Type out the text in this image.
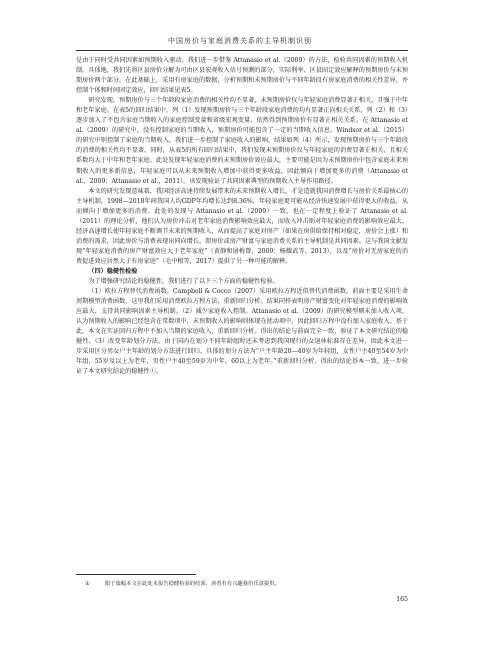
中国房价与家庭消费关系的主导机制识别

是由于同时受共同因素如预期收入驱动。我们进一步借鉴 Attanasio et al.（2009）的方法，检验共同因素的预期收入机制。具体地，我们先将区县房价分解为可由区县宏观收入信号预测的部分，实际利率、区县固定效应解释的预期房价与未预期房价两个部分。在此基础上，采用有房家庭的数据，分析预期和未预期房价与不同年龄段有房家庭消费的相关性差异，并控制个体和时间固定效应，回归结果见表5。

研究发现，预期房价与三个年龄段家庭消费的相关性均不显著，未预期房价仅与年轻家庭消费显著正相关，且强于中年和老年家庭。在表5的回归结果中，列（1）发现预期房价与三个年龄段家庭消费的均有显著正向相关关系，列（2）和（3）逐步加入了不包含家庭当期收入的家庭控制变量和省级宏观变量，依然得到预期房价有显著正相关关系。在 Attanasio et al.（2009）的研究中，没有控制家庭的当期收入，预期房价可能包含了一定的当期收入信息。Windsor et al.（2015）的研究中则控制了家庭的当期收入，我们进一步控制了家庭收入的影响，结果如列（4）所示，发现预期房价与三个年龄段的消费的相关性均不显著。同时，从表5的所有回归结果中，我们发现未预期房价仅与年轻家庭的消费显著正相关，且相关系数均大于中年和老年家庭。此处发现年轻家庭消费的未预期房价效应最大，主要可能是因为未预期房价中包含家庭未来预期收入的更多新信息，年轻家庭可以从未来预期收入增加中获得更多收益，因此倾向于增加更多的消费（Attanasio et al.，2009；Attanasio et al.，2011）。该发现验证了共同因素典型的预期收入主导作用路径。

本文的研究发现意味着，我国经济高速持续发展带来的未来预期收入增长，才是造就我国消费增长与房价关系最核心的主导机制。1998—2018年间我国人均GDP年均增长达到8.36%，年轻家庭更可能从经济快速发展中获得更大的收益，从而倾向于增加更多的消费。此处的发现与 Attanasio et al.（2009）一致，也在一定程度上验证了 Attanasio et al.（2011）的理论分析，他们认为房价冲击对老年家庭消费影响效应最大，而收入冲击则对年轻家庭消费的影响效应最大。经济高速增长使年轻家庭不断调节未来的预期收入，从而提高了家庭对房产（如果在房供给保持相对稳定，房价会上涨）和消费的需求，因此房价与消费表现出同向增长，即房价或房产财富与家庭消费关系的主导机制是共同因素。这与我国文献发现“年轻家庭消费的房产财富效应大于老年家庭”（黄静和屠梅曾，2009；杨耀武等，2013），以及“房价对无房家庭的消费促进效应居然大于有房家庭”（毛中根等，2017）提供了另一种可能的解释。

（四）稳健性检验

为了增强研究结论的稳健性，我们进行了以下三个方面的稳健性检验。

（1）欧拉方程替代消费函数。Campbell & Cocco（2007）采用欧拉方程近似替代消费函数。前面主要是采用生命周期模型消费函数，这里我们采用消费欧拉方程方法，重新回归分析。结果同样表明房产财富变化对年轻家庭消费的影响效应最大，支持共同影响因素主导机制。（2）减少家庭收入控制。Attanasio et al.（2009）的研究模型剔未加入收入项，认为预期收入的影响已经包含在常数项中，未预期收入的影响则体现在扰动项中，因此回归方程中没有加入家庭收入。基于此，本文在实证回归方程中不加入当期的家庭收入，重新回归分析。得出的结论与前面完全一致，验证了本文研究结论的稳健性。（3）改变年龄划分方法。由于国内在划分不同年龄组时还未考虑到我国现行的女退休标准存在差异，因此本文进一步采用区分男女户主年龄的划分方法进行回归，具体的划分方法为“户主年龄20—40岁为年轻组，女性户主40至54岁为中年组，55岁及以上为老年，男性户主40至59岁为中年，60以上为老年。”重新回归分析，得出的结论基本一致，进一步验证了本文研究结论的稳健性①。

①	限于篇幅本文在此处未报告稳健检验的结果，读者若有兴趣我们乐意提供。
165
